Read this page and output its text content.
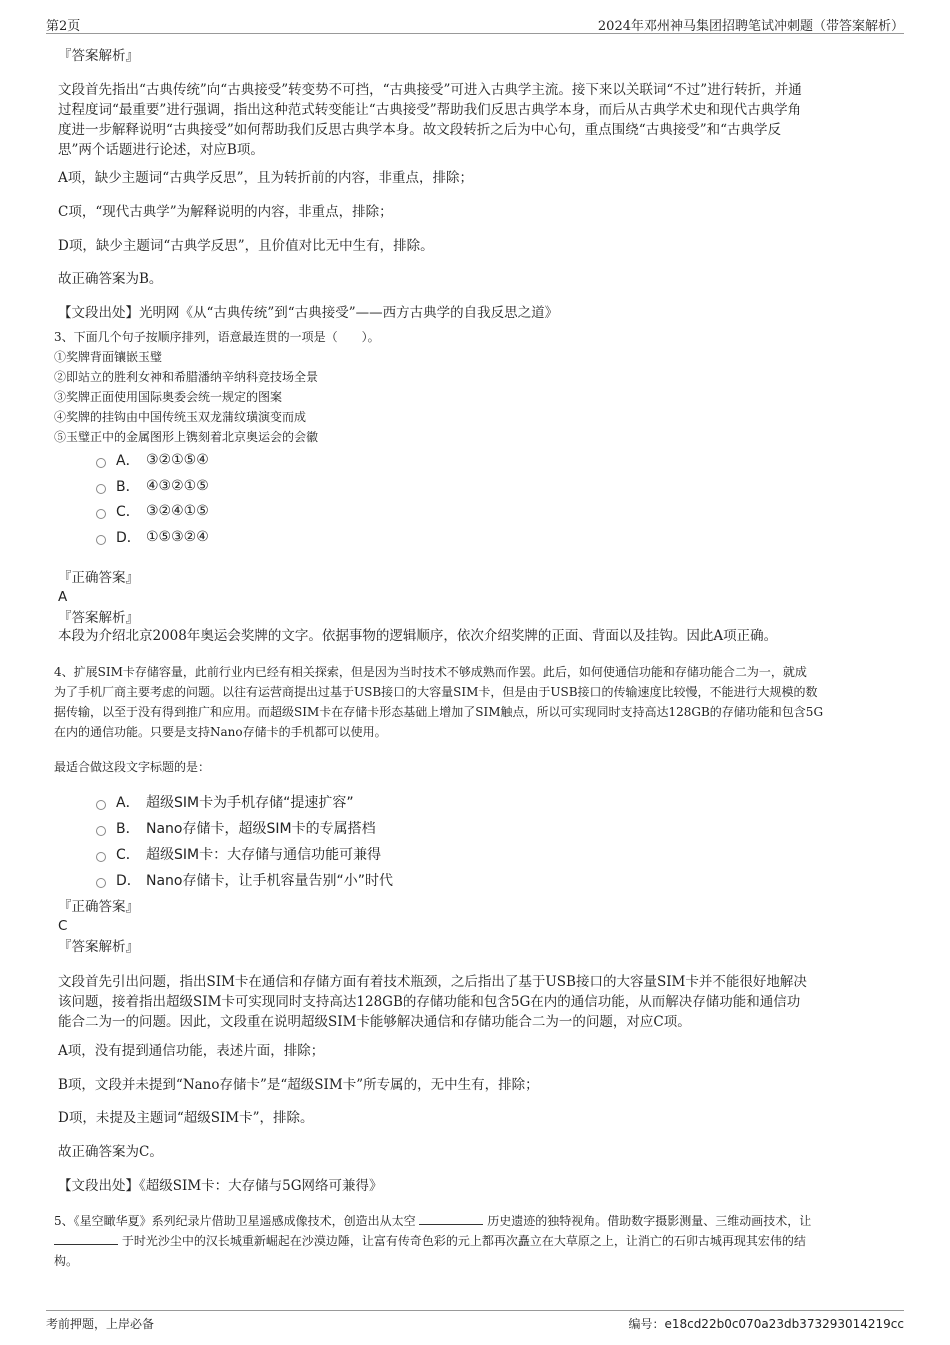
第2页	2024年邓州神马集团招聘笔试冲刺题（带答案解析）
『答案解析』
文段首先指出“古典传统”向“古典接受”转变势不可挡，“古典接受”可进入古典学主流。接下来以关联词“不过”进行转折，并通
过程度词“最重要”进行强调，指出这种范式转变能让“古典接受”帮助我们反思古典学本身，而后从古典学术史和现代古典学角
度进一步解释说明“古典接受”如何帮助我们反思古典学本身。故文段转折之后为中心句，重点围绕“古典接受”和“古典学反
思”两个话题进行论述，对应B项。
A项，缺少主题词“古典学反思”，且为转折前的内容，非重点，排除；
C项，“现代古典学”为解释说明的内容，非重点，排除；
D项，缺少主题词“古典学反思”，且价值对比无中生有，排除。
故正确答案为B。
【文段出处】光明网《从“古典传统”到“古典接受”——西方古典学的自我反思之道》
3、下面几个句子按顺序排列，语意最连贯的一项是（　　）。
①奖牌背面镶嵌玉璧
②即站立的胜利女神和希腊潘纳辛纳科竞技场全景
③奖牌正面使用国际奥委会统一规定的图案
④奖牌的挂钩由中国传统玉双龙蒲纹璜演变而成
⑤玉璧正中的金属图形上镌刻着北京奥运会的会徽
A． ③②①⑤④
B． ④③②①⑤
C． ③②④①⑤
D． ①⑤③②④
『正确答案』
A
『答案解析』
本段为介绍北京2008年奥运会奖牌的文字。依据事物的逻辑顺序，依次介绍奖牌的正面、背面以及挂钩。因此A项正确。
4、扩展SIM卡存储容量，此前行业内已经有相关探索，但是因为当时技术不够成熟而作罢。此后，如何使通信功能和存储功能合二为一，就成
为了手机厂商主要考虑的问题。以往有运营商提出过基于USB接口的大容量SIM卡，但是由于USB接口的传输速度比较慢，不能进行大规模的数
据传输，以至于没有得到推广和应用。而超级SIM卡在存储卡形态基础上增加了SIM触点，所以可实现同时支持高达128GB的存储功能和包含5G
在内的通信功能。只要是支持Nano存储卡的手机都可以使用。
最适合做这段文字标题的是：
A． 超级SIM卡为手机存储“提速扩容”
B． Nano存储卡，超级SIM卡的专属搭档
C． 超级SIM卡：大存储与通信功能可兼得
D． Nano存储卡，让手机容量告别“小”时代
『正确答案』
C
『答案解析』
文段首先引出问题，指出SIM卡在通信和存储方面有着技术瓶颈，之后指出了基于USB接口的大容量SIM卡并不能很好地解决
该问题，接着指出超级SIM卡可实现同时支持高达128GB的存储功能和包含5G在内的通信功能，从而解决存储功能和通信功
能合二为一的问题。因此，文段重在说明超级SIM卡能够解决通信和存储功能合二为一的问题，对应C项。
A项，没有提到通信功能，表述片面，排除；
B项，文段并未提到“Nano存储卡”是“超级SIM卡”所专属的，无中生有，排除；
D项，未提及主题词“超级SIM卡”，排除。
故正确答案为C。
【文段出处】《超级SIM卡：大存储与5G网络可兼得》
5、《星空瞰华夏》系列纪录片借助卫星遥感成像技术，创造出从太空	历史遗迹的独特视角。借助数字摄影测量、三维动画技术，让
于时光沙尘中的汉长城重新崛起在沙漠边陲，让富有传奇色彩的元上都再次矗立在大草原之上，让消亡的石卯古城再现其宏伟的结
构。
考前押题，上岸必备	编号：e18cd22b0c070a23db373293014219cc
